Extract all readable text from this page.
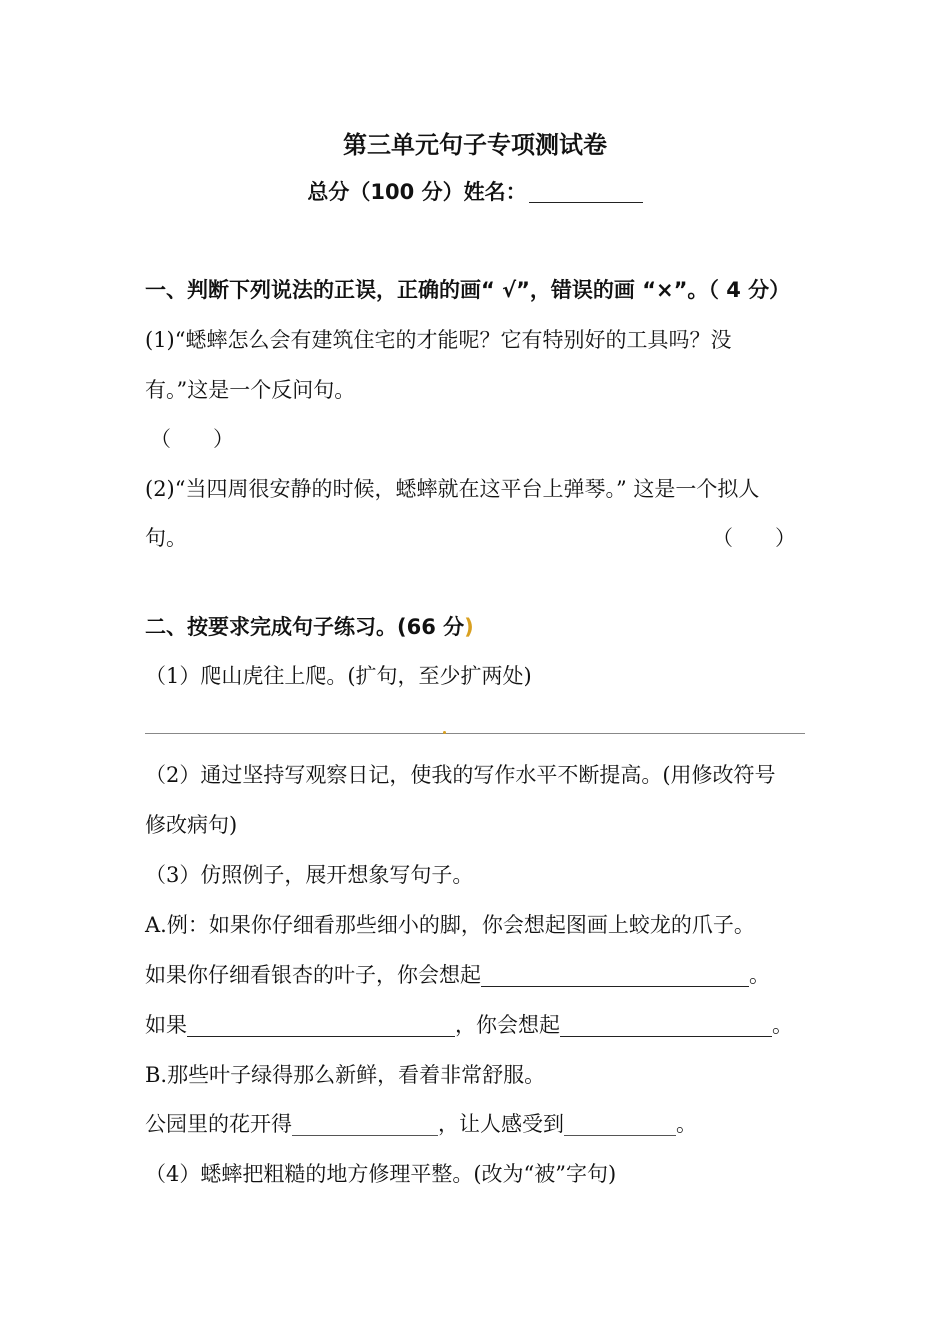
第三单元句子专项测试卷
总分（100 分）姓名：
一、判断下列说法的正误，正确的画“ √”，错误的画 “×”。（ 4 分）
(1)“蟋蟀怎么会有建筑住宅的才能呢？它有特别好的工具吗？没
有。”这是一个反问句。
（　　）
(2)“当四周很安静的时候，蟋蟀就在这平台上弹琴。” 这是一个拟人
句。	（　　）
二、按要求完成句子练习。(66 分)
（1）爬山虎往上爬。(扩句，至少扩两处)
（2）通过坚持写观察日记，使我的写作水平不断提高。(用修改符号
修改病句)
（3）仿照例子，展开想象写句子。
A.例：如果你仔细看那些细小的脚，你会想起图画上蛟龙的爪子。
如果你仔细看银杏的叶子，你会想起	。
如果	，你会想起	。
B.那些叶子绿得那么新鲜，看着非常舒服。
公园里的花开得	，让人感受到	。
（4）蟋蟀把粗糙的地方修理平整。(改为“被”字句)
